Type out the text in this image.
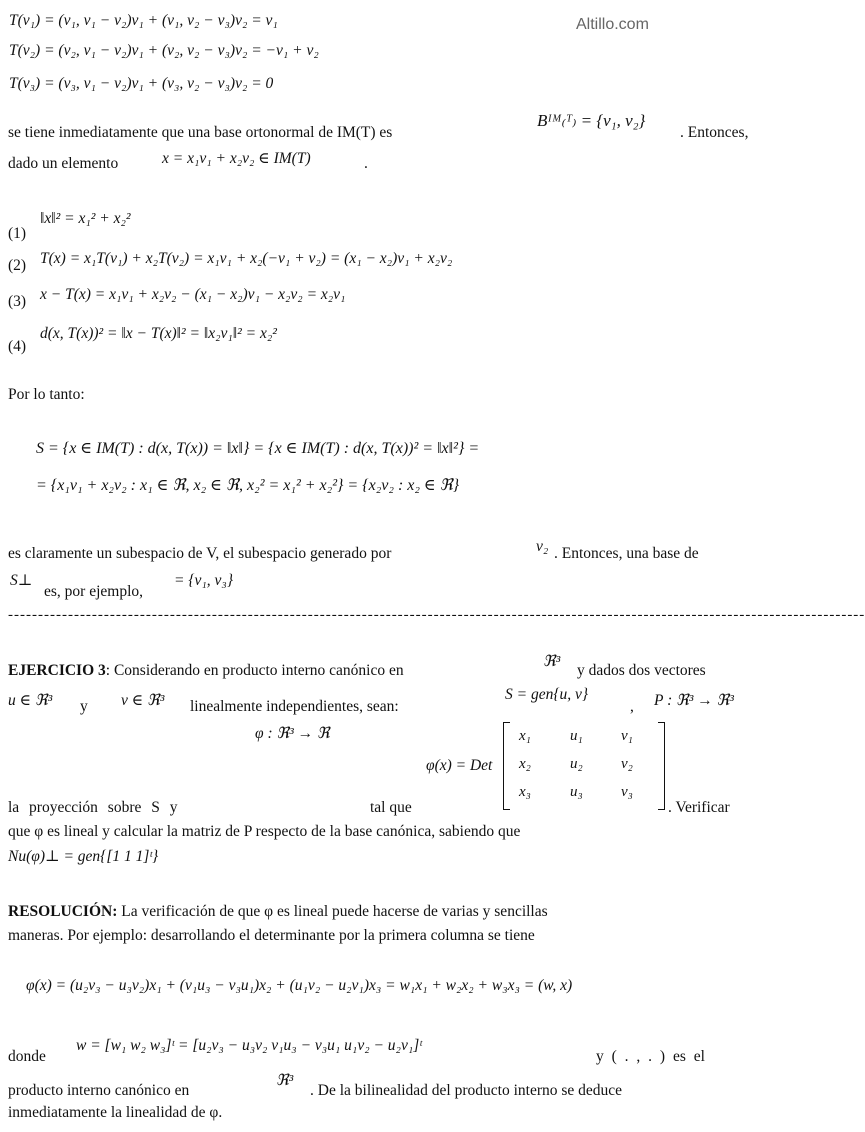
Altillo.com
T(v₁) = (v₁, v₁ − v₂)v₁ + (v₁, v₂ − v₃)v₂ = v₁
T(v₂) = (v₂, v₁ − v₂)v₁ + (v₂, v₂ − v₃)v₂ = −v₁ + v₂
T(v₃) = (v₃, v₁ − v₂)v₁ + (v₃, v₂ − v₃)v₂ = 0
se tiene inmediatamente que una base ortonormal de IM(T) es
Bᴵᴹ₍ᵀ₎ = {v₁, v₂}
. Entonces,
dado un elemento	x = x₁v₁ + x₂v₂ ∈ IM(T)	.
(1)
‖x‖² = x₁² + x₂²
(2) T(x) = x₁T(v₁) + x₂T(v₂) = x₁v₁ + x₂(−v₁ + v₂) = (x₁ − x₂)v₁ + x₂v₂
(3) x − T(x) = x₁v₁ + x₂v₂ − (x₁ − x₂)v₁ − x₂v₂ = x₂v₁
(4)
d(x, T(x))² = ‖x − T(x)‖² = ‖x₂v₁‖² = x₂²
Por lo tanto:
S = {x ∈ IM(T) : d(x, T(x)) = ‖x‖} = {x ∈ IM(T) : d(x, T(x))² = ‖x‖²} =
= {x₁v₁ + x₂v₂ : x₁ ∈ ℜ, x₂ ∈ ℜ, x₂² = x₁² + x₂²} = {x₂v₂ : x₂ ∈ ℜ}
es claramente un subespacio de V, el subespacio generado por	v₂ . Entonces, una base de
S⊥
es, por ejemplo,
= {v₁, v₃}
-----------------------------------------------------------------------------------------------------------------------------------------------
EJERCICIO 3: Considerando en producto interno canónico en
ℜ³
y dados dos vectores
u ∈ ℜ³ y v ∈ ℜ³ linealmente independientes, sean:
S = gen{u, v}
, P : ℜ³ → ℜ³
φ : ℜ³ → ℜ
φ(x) = Det
x₁	u₁	v₁
x₂	u₂	v₂
x₃	u₃	v₃
la proyección sobre S y	tal que	. Verificar
que φ es lineal y calcular la matriz de P respecto de la base canónica, sabiendo que
Nu(φ)⊥ = gen{[1 1 1]ᵗ}
RESOLUCIÓN: La verificación de que φ es lineal puede hacerse de varias y sencillas
maneras. Por ejemplo: desarrollando el determinante por la primera columna se tiene
φ(x) = (u₂v₃ − u₃v₂)x₁ + (v₁u₃ − v₃u₁)x₂ + (u₁v₂ − u₂v₁)x₃ = w₁x₁ + w₂x₂ + w₃x₃ = (w, x)
donde
w = [w₁ w₂ w₃]ᵗ = [u₂v₃ − u₃v₂ v₁u₃ − v₃u₁ u₁v₂ − u₂v₁]ᵗ
y ( . , . ) es el
producto interno canónico en
ℜ³
. De la bilinealidad del producto interno se deduce
inmediatamente la linealidad de φ.
